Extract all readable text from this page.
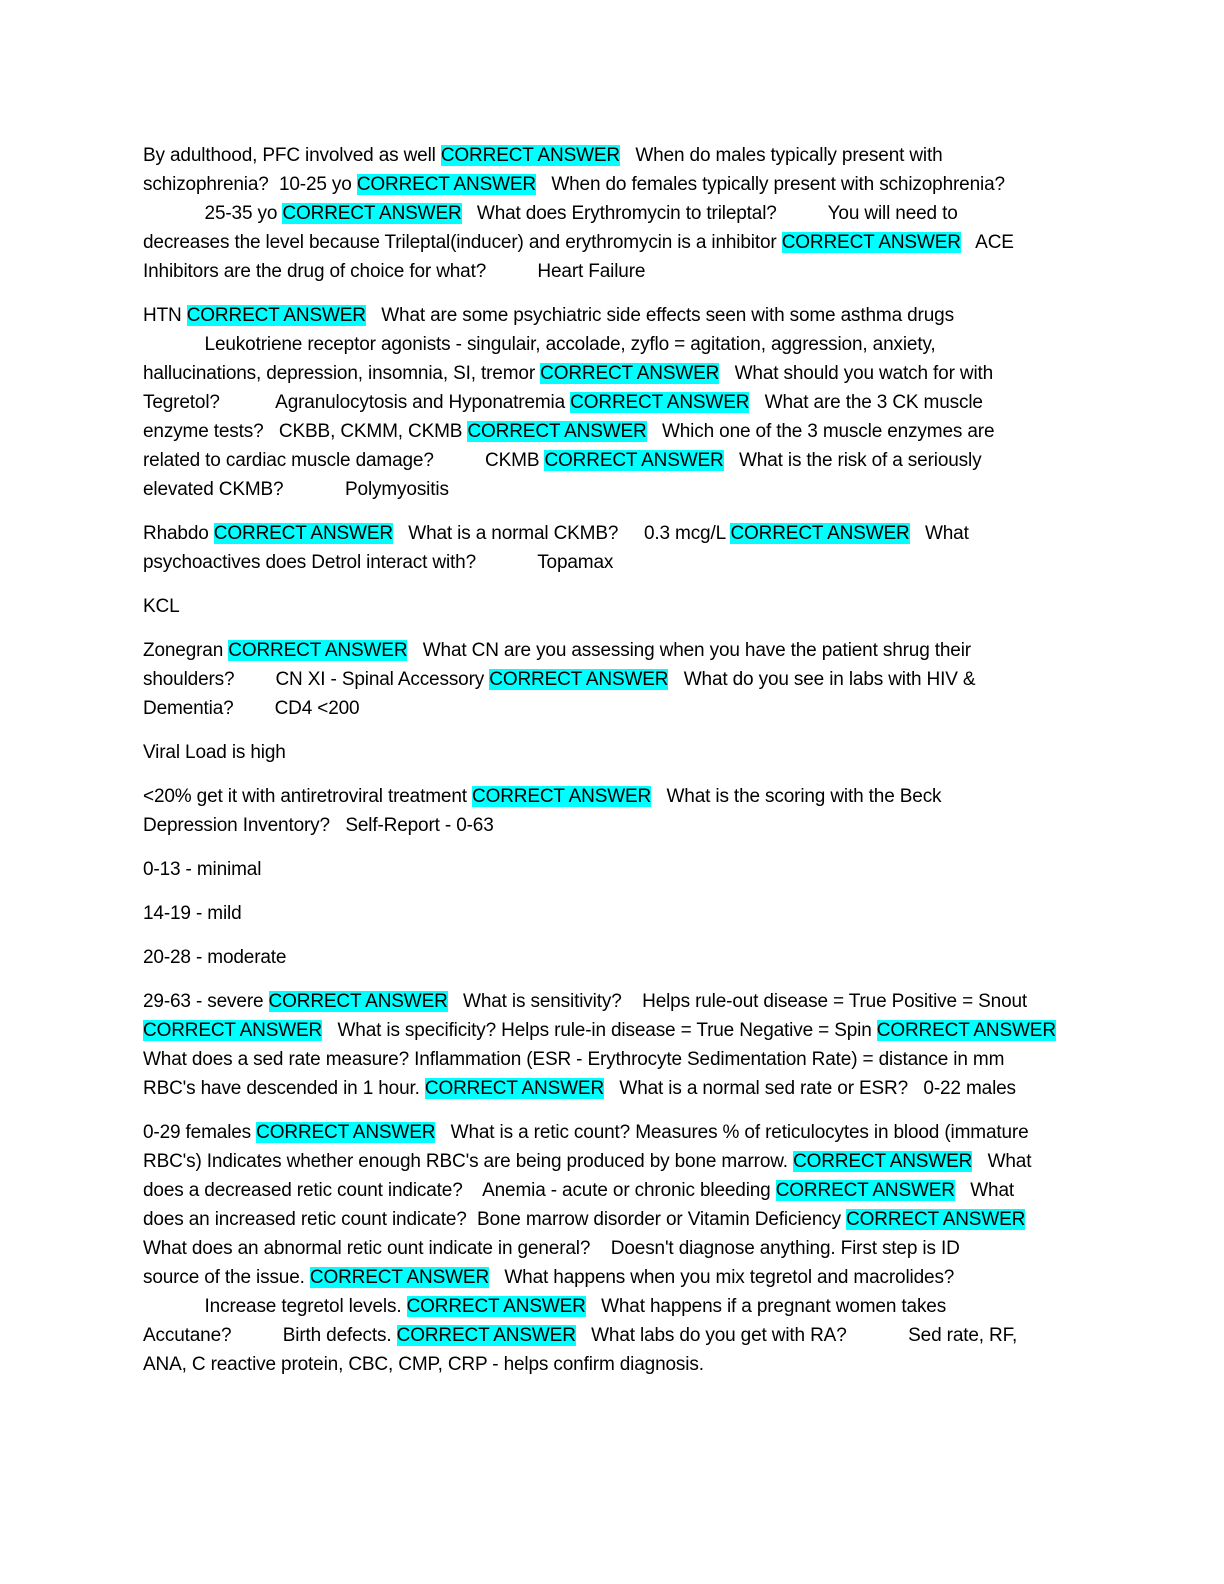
By adulthood, PFC involved as well CORRECT ANSWER   When do males typically present with
schizophrenia?  10-25 yo CORRECT ANSWER   When do females typically present with schizophrenia?
25-35 yo CORRECT ANSWER   What does Erythromycin to trileptal?          You will need to
decreases the level because Trileptal(inducer) and erythromycin is a inhibitor CORRECT ANSWER   ACE
Inhibitors are the drug of choice for what?          Heart Failure
HTN CORRECT ANSWER   What are some psychiatric side effects seen with some asthma drugs
Leukotriene receptor agonists - singulair, accolade, zyflo = agitation, aggression, anxiety,
hallucinations, depression, insomnia, SI, tremor CORRECT ANSWER   What should you watch for with
Tegretol?           Agranulocytosis and Hyponatremia CORRECT ANSWER   What are the 3 CK muscle
enzyme tests?   CKBB, CKMM, CKMB CORRECT ANSWER   Which one of the 3 muscle enzymes are
related to cardiac muscle damage?          CKMB CORRECT ANSWER   What is the risk of a seriously
elevated CKMB?            Polymyositis
Rhabdo CORRECT ANSWER   What is a normal CKMB?     0.3 mcg/L CORRECT ANSWER   What
psychoactives does Detrol interact with?            Topamax
KCL
Zonegran CORRECT ANSWER   What CN are you assessing when you have the patient shrug their
shoulders?        CN XI - Spinal Accessory CORRECT ANSWER   What do you see in labs with HIV &
Dementia?        CD4 <200
Viral Load is high
<20% get it with antiretroviral treatment CORRECT ANSWER   What is the scoring with the Beck
Depression Inventory?   Self-Report - 0-63
0-13 - minimal
14-19 - mild
20-28 - moderate
29-63 - severe CORRECT ANSWER   What is sensitivity?    Helps rule-out disease = True Positive = Snout
CORRECT ANSWER   What is specificity? Helps rule-in disease = True Negative = Spin CORRECT ANSWER
What does a sed rate measure? Inflammation (ESR - Erythrocyte Sedimentation Rate) = distance in mm
RBC's have descended in 1 hour. CORRECT ANSWER   What is a normal sed rate or ESR?   0-22 males
0-29 females CORRECT ANSWER   What is a retic count? Measures % of reticulocytes in blood (immature
RBC's) Indicates whether enough RBC's are being produced by bone marrow. CORRECT ANSWER   What
does a decreased retic count indicate?    Anemia - acute or chronic bleeding CORRECT ANSWER   What
does an increased retic count indicate?  Bone marrow disorder or Vitamin Deficiency CORRECT ANSWER
What does an abnormal retic ount indicate in general?    Doesn't diagnose anything. First step is ID
source of the issue. CORRECT ANSWER   What happens when you mix tegretol and macrolides?
Increase tegretol levels. CORRECT ANSWER   What happens if a pregnant women takes
Accutane?          Birth defects. CORRECT ANSWER   What labs do you get with RA?            Sed rate, RF,
ANA, C reactive protein, CBC, CMP, CRP - helps confirm diagnosis.
